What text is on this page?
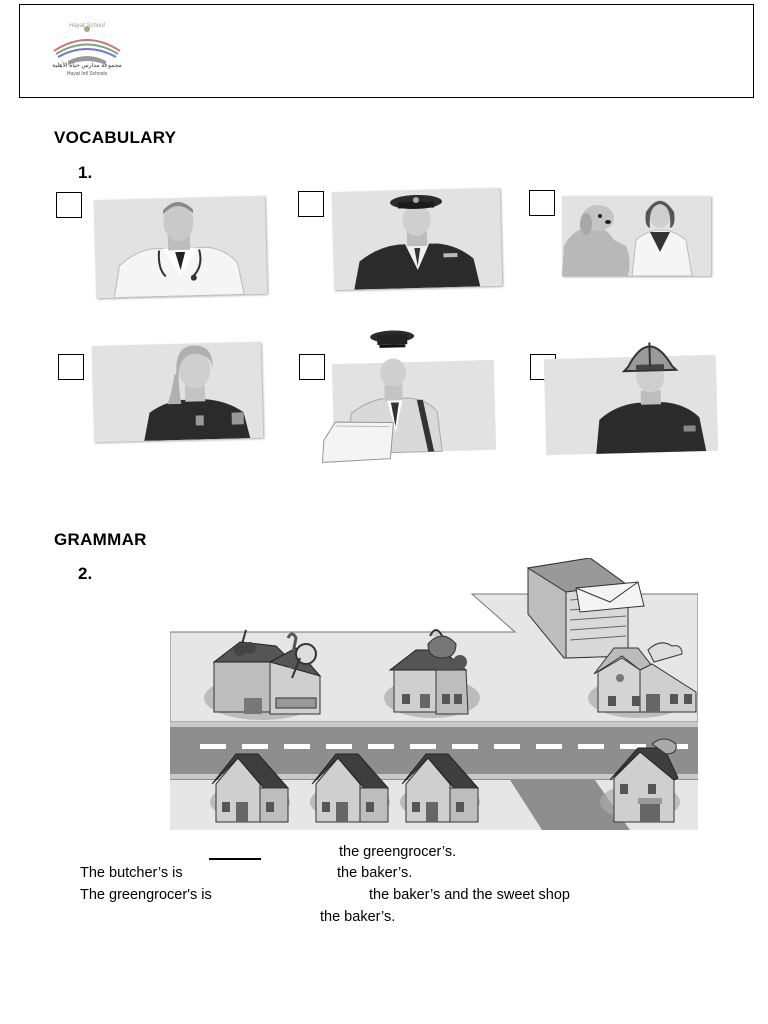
مجموعة مدارس حياة الأهلية
Hayat Intl Schools
Hayat School
VOCABULARY
1.
GRAMMAR
2.
the greengrocer’s.
The butcher’s is	the baker’s.
The greengrocer's is	the baker’s and the sweet shop
the baker’s.
